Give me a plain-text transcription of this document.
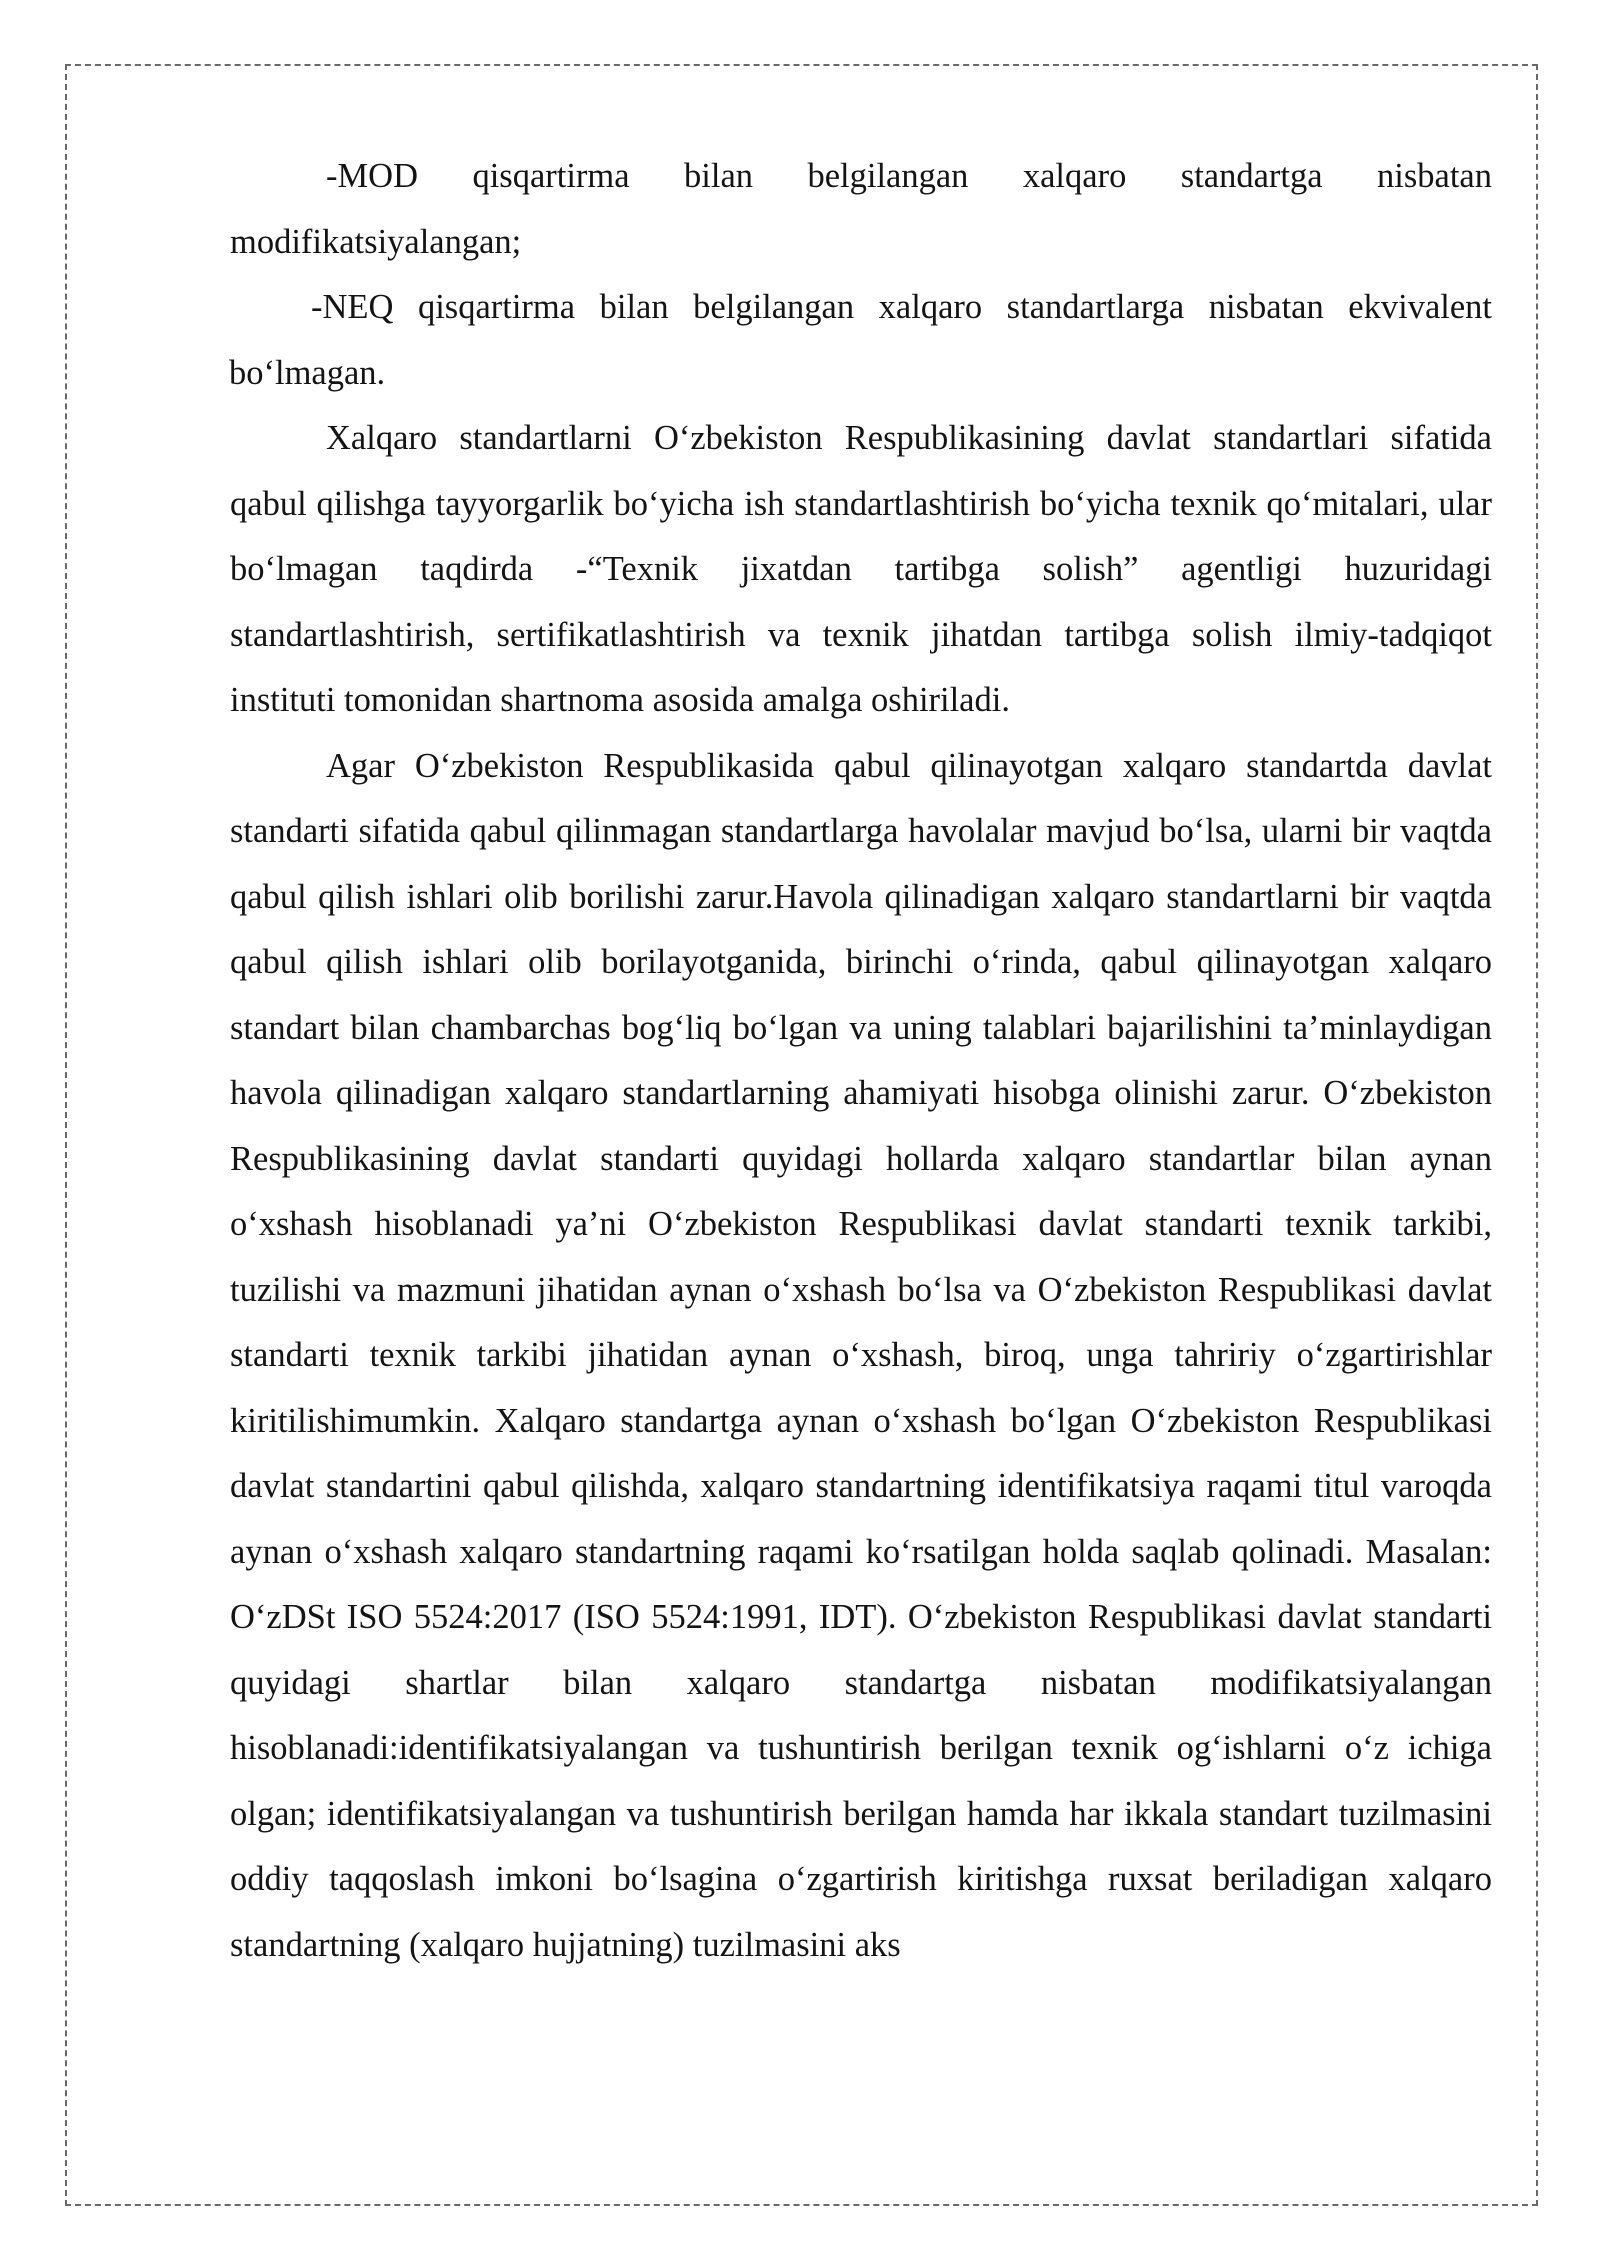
-MOD qisqartirma bilan belgilangan xalqaro standartga nisbatan modifikatsiyalangan;

-NEQ qisqartirma bilan belgilangan xalqaro standartlarga nisbatan ekvivalent bo‘lmagan.

Xalqaro standartlarni O‘zbekiston Respublikasining davlat standartlari sifatida qabul qilishga tayyorgarlik bo‘yicha ish standartlashtirish bo‘yicha texnik qo‘mitalari, ular bo‘lmagan taqdirda -“Texnik jixatdan tartibga solish” agentligi huzuridagi standartlashtirish, sertifikatlashtirish va texnik jihatdan tartibga solish ilmiy-tadqiqot instituti tomonidan shartnoma asosida amalga oshiriladi.

Agar O‘zbekiston Respublikasida qabul qilinayotgan xalqaro standartda davlat standarti sifatida qabul qilinmagan standartlarga havolalar mavjud bo‘lsa, ularni bir vaqtda qabul qilish ishlari olib borilishi zarur.Havola qilinadigan xalqaro standartlarni bir vaqtda qabul qilish ishlari olib borilayotganida, birinchi o‘rinda, qabul qilinayotgan xalqaro standart bilan chambarchas bog‘liq bo‘lgan va uning talablari bajarilishini ta’minlaydigan havola qilinadigan xalqaro standartlarning ahamiyati hisobga olinishi zarur. O‘zbekiston Respublikasining davlat standarti quyidagi hollarda xalqaro standartlar bilan aynan o‘xshash hisoblanadi ya’ni O‘zbekiston Respublikasi davlat standarti texnik tarkibi, tuzilishi va mazmuni jihatidan aynan o‘xshash bo‘lsa va O‘zbekiston Respublikasi davlat standarti texnik tarkibi jihatidan aynan o‘xshash, biroq, unga tahririy o‘zgartirishlar kiritilishimumkin. Xalqaro standartga aynan o‘xshash bo‘lgan O‘zbekiston Respublikasi davlat standartini qabul qilishda, xalqaro standartning identifikatsiya raqami titul varoqda aynan o‘xshash xalqaro standartning raqami ko‘rsatilgan holda saqlab qolinadi. Masalan: O‘zDSt ISO 5524:2017 (ISO 5524:1991, IDT). O‘zbekiston Respublikasi davlat standarti quyidagi shartlar bilan xalqaro standartga nisbatan modifikatsiyalangan hisoblanadi:identifikatsiyalangan va tushuntirish berilgan texnik og‘ishlarni o‘z ichiga olgan; identifikatsiyalangan va tushuntirish berilgan hamda har ikkala standart tuzilmasini oddiy taqqoslash imkoni bo‘lsagina o‘zgartirish kiritishga ruxsat beriladigan xalqaro standartning (xalqaro hujjatning) tuzilmasini aks
